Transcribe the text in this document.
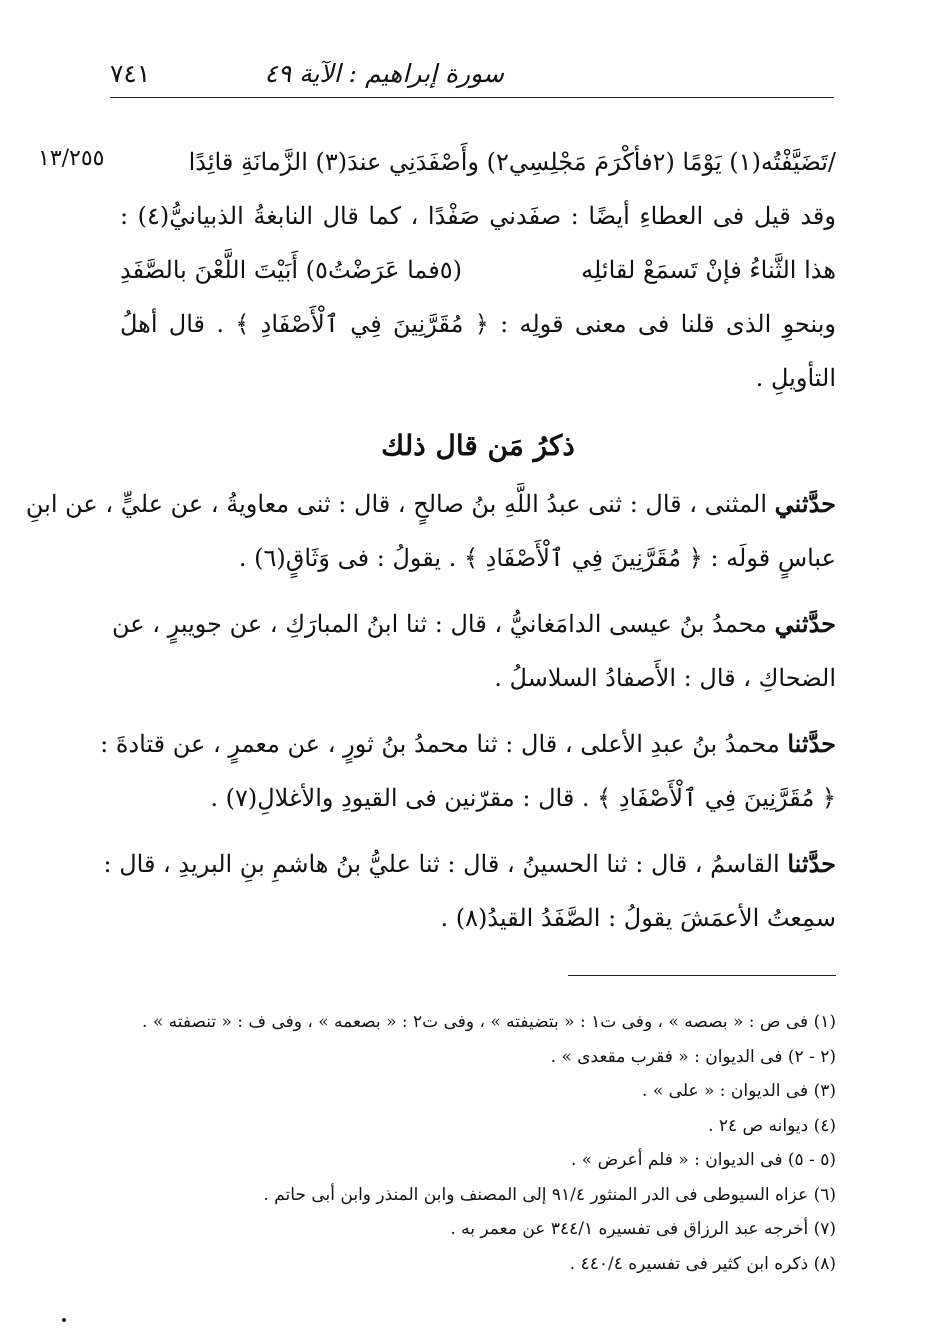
سورة إبراهيم : الآية ٤٩
٧٤١
١٣/٢٥٥	/تَضَيَّفْتُه(١) يَوْمًا (٢فأكْرَمَ مَجْلِسِي٢) وأَصْفَدَنِي عندَ(٣) الزَّمانَةِ قائِدًا
وقد قيل فى العطاءِ أيضًا : صفَدني صَفْدًا ، كما قال النابغةُ الذبيانيُّ(٤) :
هذا الثَّناءُ فإنْ تَسمَعْ لقائلِه
(٥فما عَرَضْتُ٥) أَبَيْتَ اللَّعْنَ بالصَّفَدِ
وبنحوِ الذى قلنا فى معنى قولِه : ﴿ مُقَرَّنِينَ فِي ٱلْأَصْفَادِ ﴾ . قال أهلُ
التأويلِ .
ذكرُ مَن قال ذلك
حدَّثني المثنى ، قال : ثنى عبدُ اللَّهِ بنُ صالحٍ ، قال : ثنى معاويةُ ، عن عليٍّ ، عن ابنِ
عباسٍ قولَه : ﴿ مُقَرَّنِينَ فِي ٱلْأَصْفَادِ ﴾ . يقولُ : فى وَثَاقٍ(٦) .
حدَّثني محمدُ بنُ عيسى الدامَغانيُّ ، قال : ثنا ابنُ المبارَكِ ، عن جويبرٍ ، عن
الضحاكِ ، قال : الأَصفادُ السلاسلُ .
حدَّثنا محمدُ بنُ عبدِ الأعلى ، قال : ثنا محمدُ بنُ ثورٍ ، عن معمرٍ ، عن قتادةَ :
﴿ مُقَرَّنِينَ فِي ٱلْأَصْفَادِ ﴾ . قال : مقرّنين فى القيودِ والأغلالِ(٧) .
حدَّثنا القاسمُ ، قال : ثنا الحسينُ ، قال : ثنا عليُّ بنُ هاشمِ بنِ البريدِ ، قال :
سمِعتُ الأعمَشَ يقولُ : الصَّفَدُ القيدُ(٨) .
(١) فى ص : « بصصه » ، وفى ت١ : « بتضيفته » ، وفى ت٢ : « بصعمه » ، وفى ف : « تنصفته » .
(٢ - ٢) فى الديوان : « فقرب مقعدى » .
(٣) فى الديوان : « على » .
(٤) ديوانه ص ٢٤ .
(٥ - ٥) فى الديوان : « فلم أعرض » .
(٦) عزاه السيوطى فى الدر المنثور ٩١/٤ إلى المصنف وابن المنذر وابن أبى حاتم .
(٧) أخرجه عبد الرزاق فى تفسيره ٣٤٤/١ عن معمر به .
(٨) ذكره ابن كثير فى تفسيره ٤٤٠/٤ .
